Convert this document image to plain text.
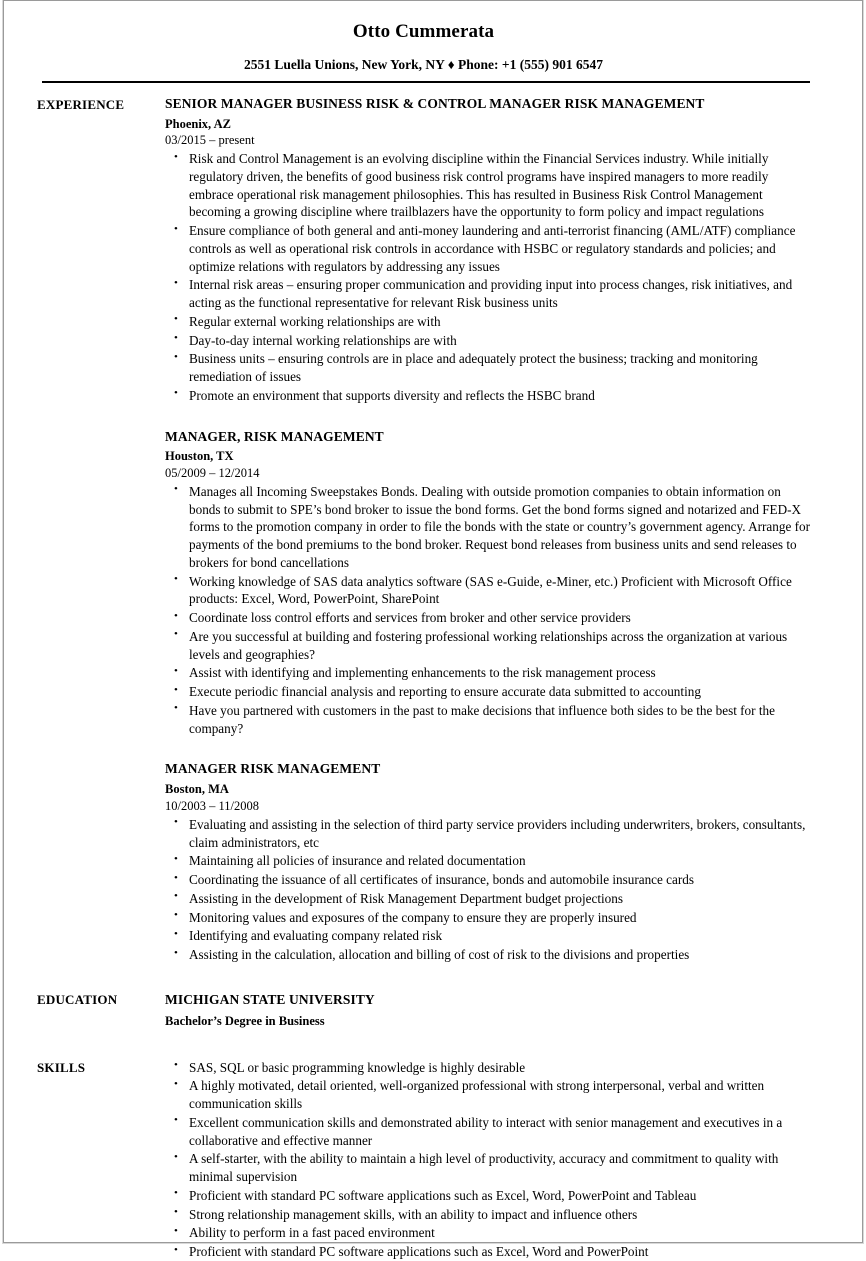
Otto Cummerata
2551 Luella Unions, New York, NY ♦ Phone: +1 (555) 901 6547
EXPERIENCE	SENIOR MANAGER BUSINESS RISK & CONTROL MANAGER RISK MANAGEMENT
Phoenix, AZ
03/2015 – present
• Risk and Control Management is an evolving discipline within the Financial Services industry. While initially regulatory driven, the benefits of good business risk control programs have inspired managers to more readily embrace operational risk management philosophies. This has resulted in Business Risk Control Management becoming a growing discipline where trailblazers have the opportunity to form policy and impact regulations
• Ensure compliance of both general and anti-money laundering and anti-terrorist financing (AML/ATF) compliance controls as well as operational risk controls in accordance with HSBC or regulatory standards and policies; and optimize relations with regulators by addressing any issues
• Internal risk areas – ensuring proper communication and providing input into process changes, risk initiatives, and acting as the functional representative for relevant Risk business units
• Regular external working relationships are with
• Day-to-day internal working relationships are with
• Business units – ensuring controls are in place and adequately protect the business; tracking and monitoring remediation of issues
• Promote an environment that supports diversity and reflects the HSBC brand
MANAGER, RISK MANAGEMENT
Houston, TX
05/2009 – 12/2014
• Manages all Incoming Sweepstakes Bonds. Dealing with outside promotion companies to obtain information on bonds to submit to SPE’s bond broker to issue the bond forms. Get the bond forms signed and notarized and FED-X forms to the promotion company in order to file the bonds with the state or country’s government agency. Arrange for payments of the bond premiums to the bond broker. Request bond releases from business units and send releases to brokers for bond cancellations
• Working knowledge of SAS data analytics software (SAS e-Guide, e-Miner, etc.) Proficient with Microsoft Office products: Excel, Word, PowerPoint, SharePoint
• Coordinate loss control efforts and services from broker and other service providers
• Are you successful at building and fostering professional working relationships across the organization at various levels and geographies?
• Assist with identifying and implementing enhancements to the risk management process
• Execute periodic financial analysis and reporting to ensure accurate data submitted to accounting
• Have you partnered with customers in the past to make decisions that influence both sides to be the best for the company?
MANAGER RISK MANAGEMENT
Boston, MA
10/2003 – 11/2008
• Evaluating and assisting in the selection of third party service providers including underwriters, brokers, consultants, claim administrators, etc
• Maintaining all policies of insurance and related documentation
• Coordinating the issuance of all certificates of insurance, bonds and automobile insurance cards
• Assisting in the development of Risk Management Department budget projections
• Monitoring values and exposures of the company to ensure they are properly insured
• Identifying and evaluating company related risk
• Assisting in the calculation, allocation and billing of cost of risk to the divisions and properties
EDUCATION	MICHIGAN STATE UNIVERSITY
Bachelor’s Degree in Business
SKILLS	• SAS, SQL or basic programming knowledge is highly desirable
• A highly motivated, detail oriented, well-organized professional with strong interpersonal, verbal and written communication skills
• Excellent communication skills and demonstrated ability to interact with senior management and executives in a collaborative and effective manner
• A self-starter, with the ability to maintain a high level of productivity, accuracy and commitment to quality with minimal supervision
• Proficient with standard PC software applications such as Excel, Word, PowerPoint and Tableau
• Strong relationship management skills, with an ability to impact and influence others
• Ability to perform in a fast paced environment
• Proficient with standard PC software applications such as Excel, Word and PowerPoint
